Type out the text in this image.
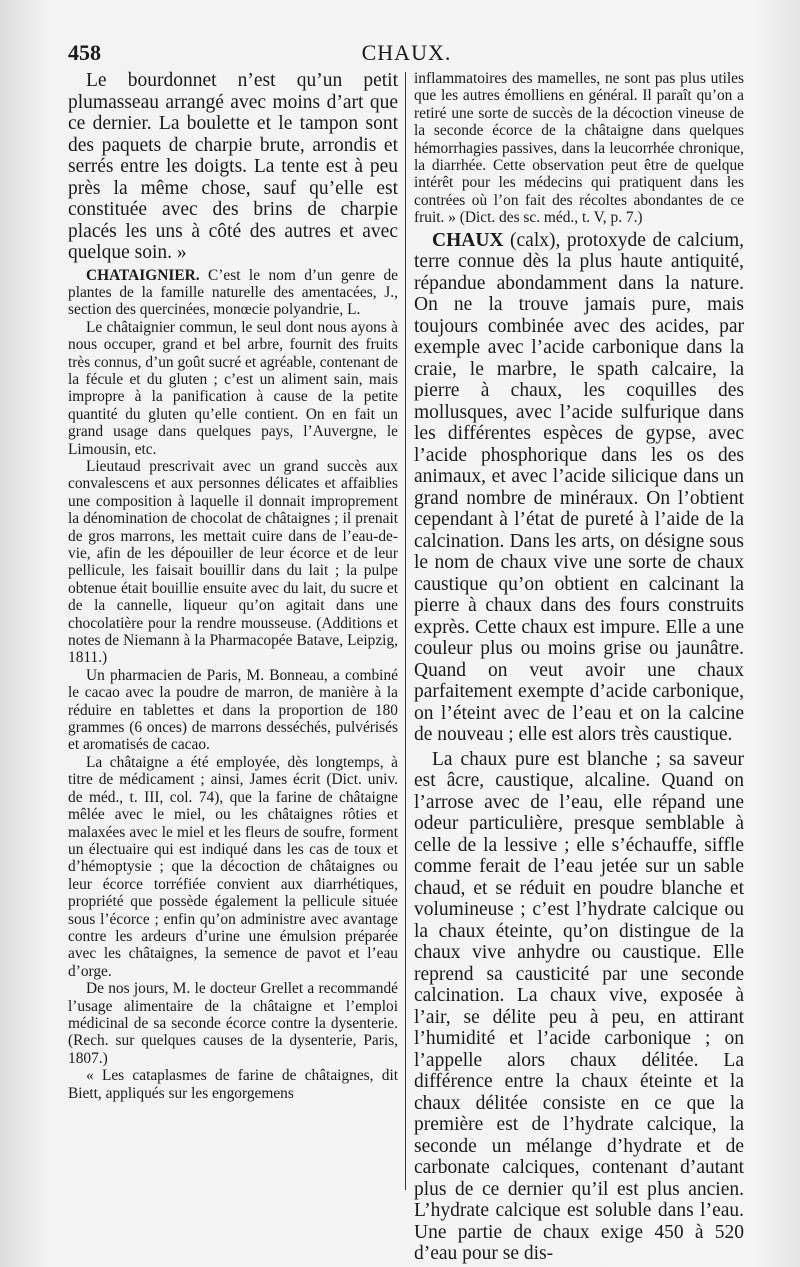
458	CHAUX.

Le bourdonnet n’est qu’un petit plumasseau arrangé avec moins d’art que ce dernier. La boulette et le tampon sont des paquets de charpie brute, arrondis et serrés entre les doigts. La tente est à peu près la même chose, sauf qu’elle est constituée avec des brins de charpie placés les uns à côté des autres et avec quelque soin. »

CHATAIGNIER. C’est le nom d’un genre de plantes de la famille naturelle des amentacées, J., section des quercinées, monœcie polyandrie, L.

Le châtaignier commun, le seul dont nous ayons à nous occuper, grand et bel arbre, fournit des fruits très connus, d’un goût sucré et agréable, contenant de la fécule et du gluten ; c’est un aliment sain, mais impropre à la panification à cause de la petite quantité du gluten qu’elle contient. On en fait un grand usage dans quelques pays, l’Auvergne, le Limousin, etc.

Lieutaud prescrivait avec un grand succès aux convalescens et aux personnes délicates et affaiblies une composition à laquelle il donnait improprement la dénomination de chocolat de châtaignes ; il prenait de gros marrons, les mettait cuire dans de l’eau-de-vie, afin de les dépouiller de leur écorce et de leur pellicule, les faisait bouillir dans du lait ; la pulpe obtenue était bouillie ensuite avec du lait, du sucre et de la cannelle, liqueur qu’on agitait dans une chocolatière pour la rendre mousseuse. (Additions et notes de Niemann à la Pharmacopée Batave, Leipzig, 1811.)

Un pharmacien de Paris, M. Bonneau, a combiné le cacao avec la poudre de marron, de manière à la réduire en tablettes et dans la proportion de 180 grammes (6 onces) de marrons desséchés, pulvérisés et aromatisés de cacao.

La châtaigne a été employée, dès longtemps, à titre de médicament ; ainsi, James écrit (Dict. univ. de méd., t. III, col. 74), que la farine de châtaigne mêlée avec le miel, ou les châtaignes rôties et malaxées avec le miel et les fleurs de soufre, forment un électuaire qui est indiqué dans les cas de toux et d’hémoptysie ; que la décoction de châtaignes ou leur écorce torréfiée convient aux diarrhétiques, propriété que possède également la pellicule située sous l’écorce ; enfin qu’on administre avec avantage contre les ardeurs d’urine une émulsion préparée avec les châtaignes, la semence de pavot et l’eau d’orge.

De nos jours, M. le docteur Grellet a recommandé l’usage alimentaire de la châtaigne et l’emploi médicinal de sa seconde écorce contre la dysenterie. (Rech. sur quelques causes de la dysenterie, Paris, 1807.)

« Les cataplasmes de farine de châtaignes, dit Biett, appliqués sur les engorgemens

inflammatoires des mamelles, ne sont pas plus utiles que les autres émolliens en général. Il paraît qu’on a retiré une sorte de succès de la décoction vineuse de la seconde écorce de la châtaigne dans quelques hémorrhagies passives, dans la leucorrhée chronique, la diarrhée. Cette observation peut être de quelque intérêt pour les médecins qui pratiquent dans les contrées où l’on fait des récoltes abondantes de ce fruit. » (Dict. des sc. méd., t. V, p. 7.)

CHAUX (calx), protoxyde de calcium, terre connue dès la plus haute antiquité, répandue abondamment dans la nature. On ne la trouve jamais pure, mais toujours combinée avec des acides, par exemple avec l’acide carbonique dans la craie, le marbre, le spath calcaire, la pierre à chaux, les coquilles des mollusques, avec l’acide sulfurique dans les différentes espèces de gypse, avec l’acide phosphorique dans les os des animaux, et avec l’acide silicique dans un grand nombre de minéraux. On l’obtient cependant à l’état de pureté à l’aide de la calcination. Dans les arts, on désigne sous le nom de chaux vive une sorte de chaux caustique qu’on obtient en calcinant la pierre à chaux dans des fours construits exprès. Cette chaux est impure. Elle a une couleur plus ou moins grise ou jaunâtre. Quand on veut avoir une chaux parfaitement exempte d’acide carbonique, on l’éteint avec de l’eau et on la calcine de nouveau ; elle est alors très caustique.

La chaux pure est blanche ; sa saveur est âcre, caustique, alcaline. Quand on l’arrose avec de l’eau, elle répand une odeur particulière, presque semblable à celle de la lessive ; elle s’échauffe, siffle comme ferait de l’eau jetée sur un sable chaud, et se réduit en poudre blanche et volumineuse ; c’est l’hydrate calcique ou la chaux éteinte, qu’on distingue de la chaux vive anhydre ou caustique. Elle reprend sa causticité par une seconde calcination. La chaux vive, exposée à l’air, se délite peu à peu, en attirant l’humidité et l’acide carbonique ; on l’appelle alors chaux délitée. La différence entre la chaux éteinte et la chaux délitée consiste en ce que la première est de l’hydrate calcique, la seconde un mélange d’hydrate et de carbonate calciques, contenant d’autant plus de ce dernier qu’il est plus ancien. L’hydrate calcique est soluble dans l’eau. Une partie de chaux exige 450 à 520 d’eau pour se dis-
